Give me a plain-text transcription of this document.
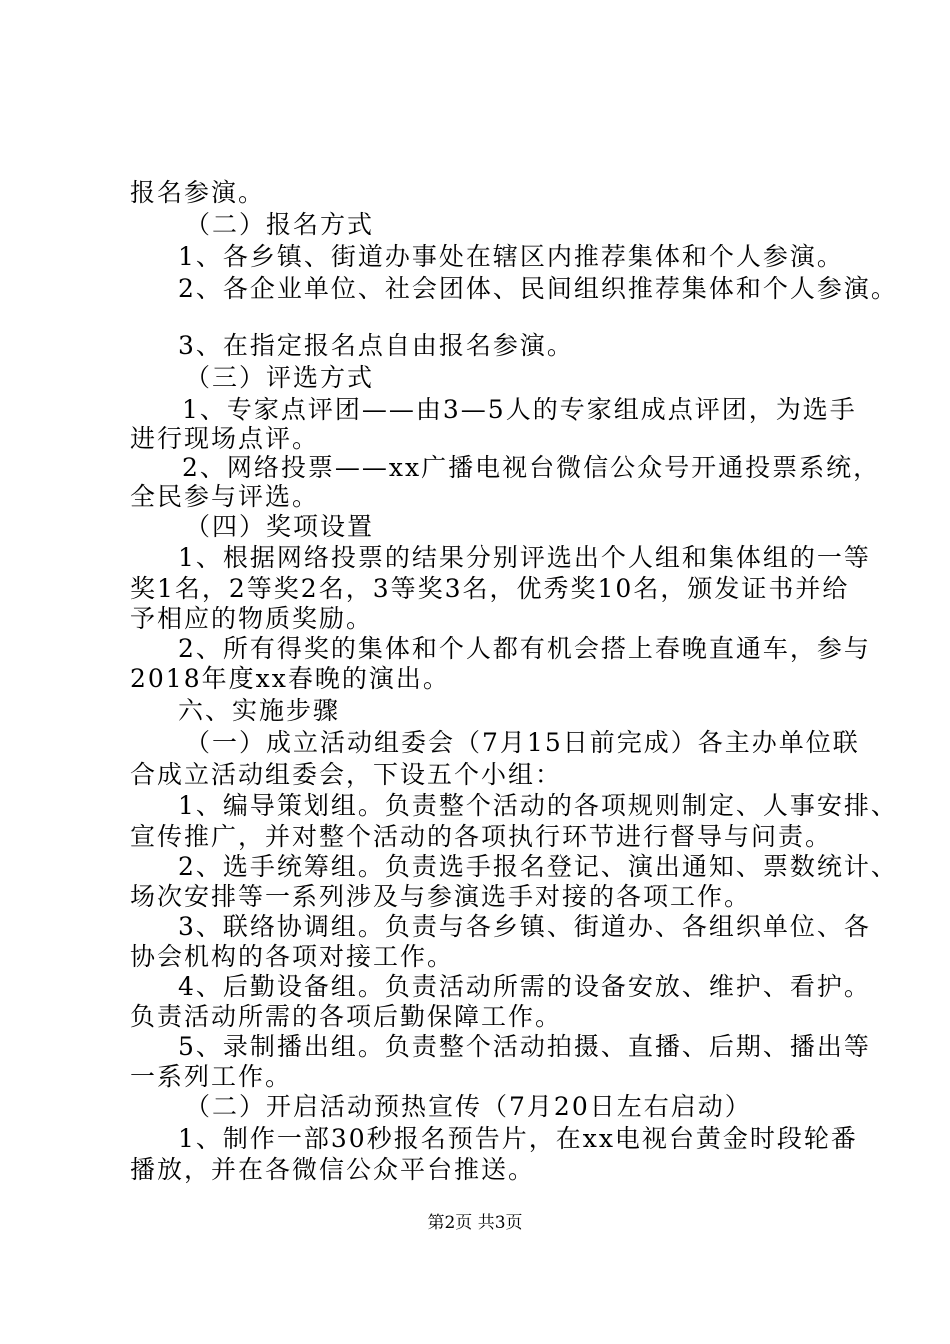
报名参演。
（二）报名方式
1、各乡镇、街道办事处在辖区内推荐集体和个人参演。
2、各企业单位、社会团体、民间组织推荐集体和个人参演。
3、在指定报名点自由报名参演。
（三）评选方式
1、专家点评团——由3—5人的专家组成点评团，为选手
进行现场点评。
2、网络投票——xx广播电视台微信公众号开通投票系统，
全民参与评选。
（四）奖项设置
1、根据网络投票的结果分别评选出个人组和集体组的一等
奖1名，2等奖2名，3等奖3名，优秀奖10名，颁发证书并给
予相应的物质奖励。
2、所有得奖的集体和个人都有机会搭上春晚直通车，参与
2018年度xx春晚的演出。
六、实施步骤
（一）成立活动组委会（7月15日前完成）各主办单位联
合成立活动组委会，下设五个小组：
1、编导策划组。负责整个活动的各项规则制定、人事安排、
宣传推广，并对整个活动的各项执行环节进行督导与问责。
2、选手统筹组。负责选手报名登记、演出通知、票数统计、
场次安排等一系列涉及与参演选手对接的各项工作。
3、联络协调组。负责与各乡镇、街道办、各组织单位、各
协会机构的各项对接工作。
4、后勤设备组。负责活动所需的设备安放、维护、看护。
负责活动所需的各项后勤保障工作。
5、录制播出组。负责整个活动拍摄、直播、后期、播出等
一系列工作。
（二）开启活动预热宣传（7月20日左右启动）
1、制作一部30秒报名预告片，在xx电视台黄金时段轮番
播放，并在各微信公众平台推送。
第2页 共3页
